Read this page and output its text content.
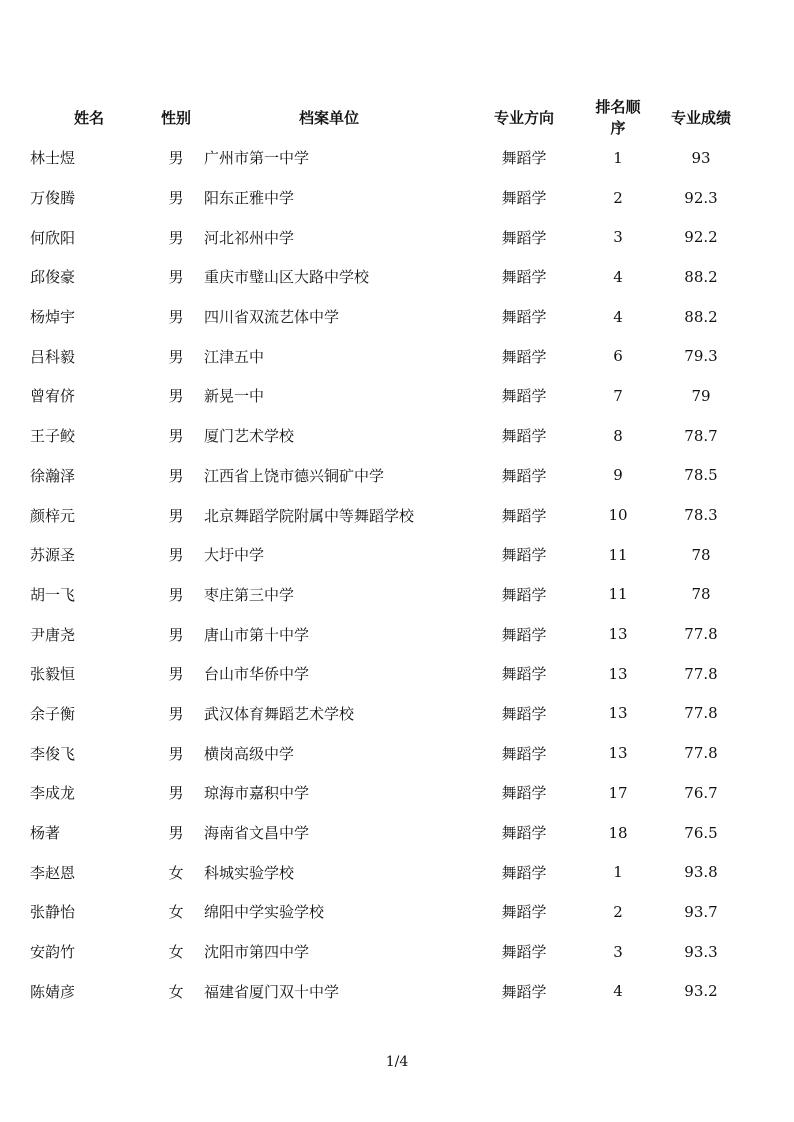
姓名	性别	档案单位	专业方向	排名顺序	专业成绩
林士煜	男	广州市第一中学	舞蹈学	1	93
万俊腾	男	阳东正雅中学	舞蹈学	2	92.3
何欣阳	男	河北祁州中学	舞蹈学	3	92.2
邱俊豪	男	重庆市璧山区大路中学校	舞蹈学	4	88.2
杨焯宇	男	四川省双流艺体中学	舞蹈学	4	88.2
吕科毅	男	江津五中	舞蹈学	6	79.3
曾宥侪	男	新晃一中	舞蹈学	7	79
王子鲛	男	厦门艺术学校	舞蹈学	8	78.7
徐瀚泽	男	江西省上饶市德兴铜矿中学	舞蹈学	9	78.5
颜梓元	男	北京舞蹈学院附属中等舞蹈学校	舞蹈学	10	78.3
苏源圣	男	大圩中学	舞蹈学	11	78
胡一飞	男	枣庄第三中学	舞蹈学	11	78
尹唐尧	男	唐山市第十中学	舞蹈学	13	77.8
张毅恒	男	台山市华侨中学	舞蹈学	13	77.8
余子衡	男	武汉体育舞蹈艺术学校	舞蹈学	13	77.8
李俊飞	男	横岗高级中学	舞蹈学	13	77.8
李成龙	男	琼海市嘉积中学	舞蹈学	17	76.7
杨著	男	海南省文昌中学	舞蹈学	18	76.5
李赵恩	女	科城实验学校	舞蹈学	1	93.8
张静怡	女	绵阳中学实验学校	舞蹈学	2	93.7
安韵竹	女	沈阳市第四中学	舞蹈学	3	93.3
陈婧彦	女	福建省厦门双十中学	舞蹈学	4	93.2
1/4
